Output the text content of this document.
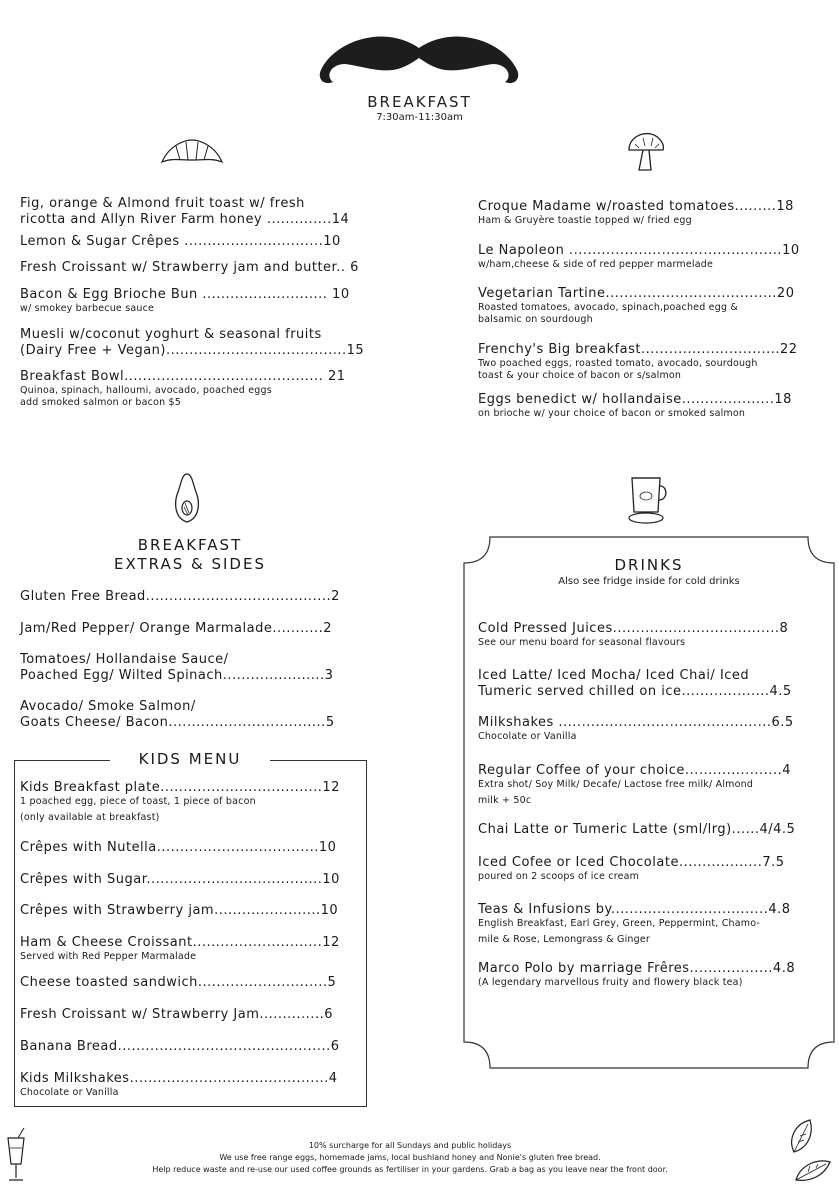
BREAKFAST
7:30am-11:30am
Fig, orange & Almond fruit toast w/ fresh
ricotta and Allyn River Farm honey ..............14
Lemon & Sugar Crêpes ..............................10
Fresh Croissant w/ Strawberry jam and butter.. 6
Bacon & Egg Brioche Bun ........................... 10
w/ smokey barbecue sauce
Muesli w/coconut yoghurt & seasonal fruits
(Dairy Free + Vegan).......................................15
Breakfast Bowl........................................... 21
Quinoa, spinach, halloumi, avocado, poached eggs
add smoked salmon or bacon $5
Croque Madame w/roasted tomatoes.........18
Ham & Gruyère toastie topped w/ fried egg
Le Napoleon ..............................................10
w/ham,cheese & side of red pepper marmelade
Vegetarian Tartine.....................................20
Roasted tomatoes, avocado, spinach,poached egg &
balsamic on sourdough
Frenchy's Big breakfast..............................22
Two poached eggs, roasted tomato, avocado, sourdough
toast & your choice of bacon or s/salmon
Eggs benedict w/ hollandaise....................18
on brioche w/ your choice of bacon or smoked salmon
BREAKFAST
EXTRAS & SIDES
Gluten Free Bread........................................2
Jam/Red Pepper/ Orange Marmalade...........2
Tomatoes/ Hollandaise Sauce/
Poached Egg/ Wilted Spinach......................3
Avocado/ Smoke Salmon/
Goats Cheese/ Bacon..................................5
KIDS MENU
Kids Breakfast plate...................................12
1 poached egg, piece of toast, 1 piece of bacon
(only available at breakfast)
Crêpes with Nutella...................................10
Crêpes with Sugar......................................10
Crêpes with Strawberry jam.......................10
Ham & Cheese Croissant............................12
Served with Red Pepper Marmalade
Cheese toasted sandwich............................5
Fresh Croissant w/ Strawberry Jam..............6
Banana Bread..............................................6
Kids Milkshakes...........................................4
Chocolate or Vanilla
DRINKS
Also see fridge inside for cold drinks
Cold Pressed Juices....................................8
See our menu board for seasonal flavours
Iced Latte/ Iced Mocha/ Iced Chai/ Iced
Tumeric served chilled on ice...................4.5
Milkshakes ..............................................6.5
Chocolate or Vanilla
Regular Coffee of your choice.....................4
Extra shot/ Soy Milk/ Decafe/ Lactose free milk/ Almond
milk + 50c
Chai Latte or Tumeric Latte (sml/lrg)......4/4.5
Iced Cofee or Iced Chocolate..................7.5
poured on 2 scoops of ice cream
Teas & Infusions by..................................4.8
English Breakfast, Earl Grey, Green, Peppermint, Chamo-
mile & Rose, Lemongrass & Ginger
Marco Polo by marriage Frêres..................4.8
(A legendary marvellous fruity and flowery black tea)
10% surcharge for all Sundays and public holidays
We use free range eggs, homemade jams, local bushland honey and Nonie's gluten free bread.
Help reduce waste and re-use our used coffee grounds as fertiliser in your gardens. Grab a bag as you leave near the front door.
